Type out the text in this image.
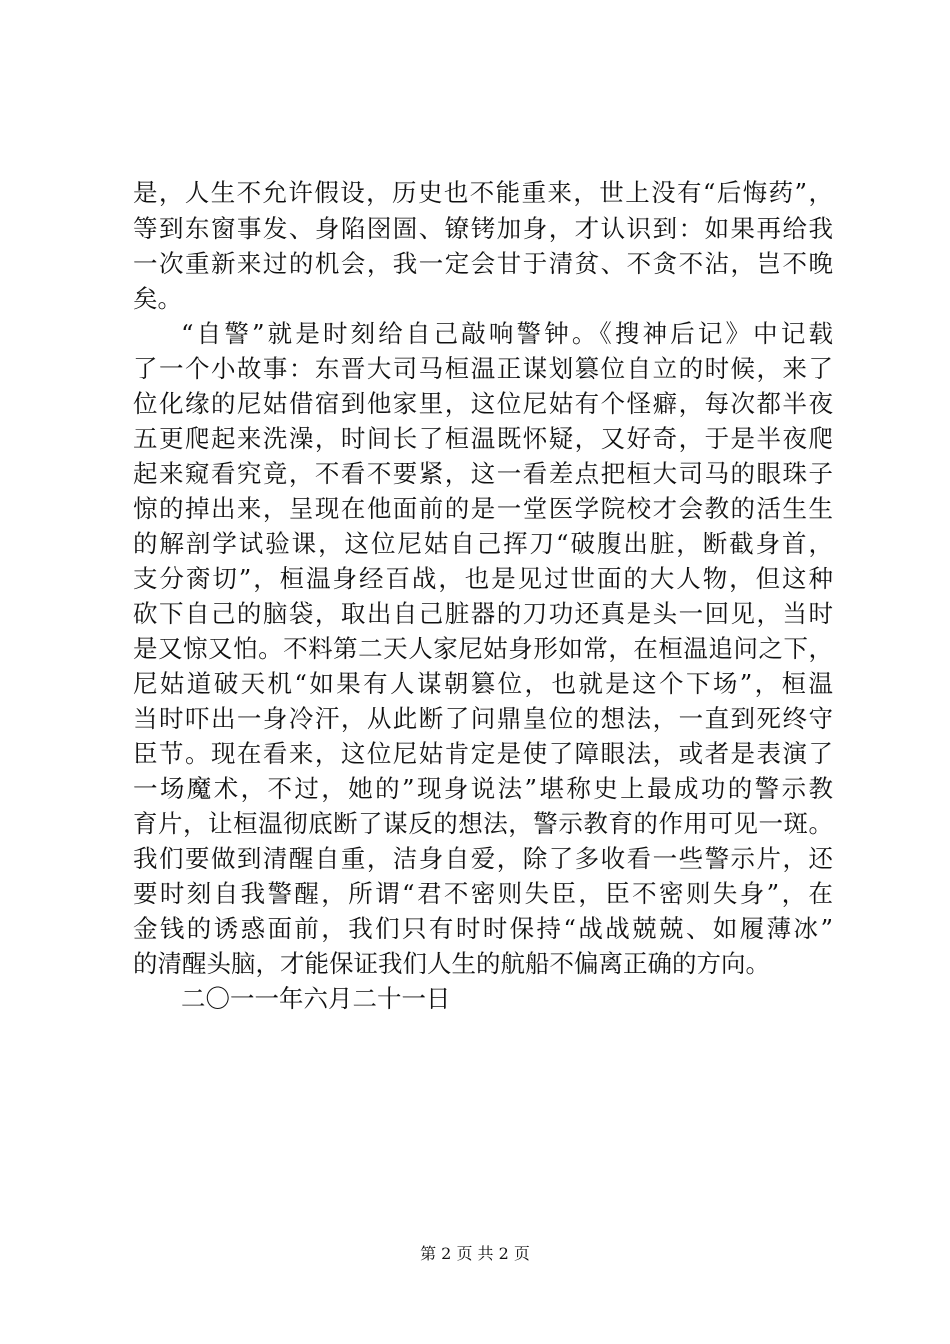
是，人生不允许假设，历史也不能重来，世上没有“后悔药”，
等到东窗事发、身陷囹圄、镣铐加身，才认识到：如果再给我
一次重新来过的机会，我一定会甘于清贫、不贪不沾，岂不晚
矣。
“自警”就是时刻给自己敲响警钟。《搜神后记》中记载
了一个小故事：东晋大司马桓温正谋划篡位自立的时候，来了
位化缘的尼姑借宿到他家里，这位尼姑有个怪癖，每次都半夜
五更爬起来洗澡，时间长了桓温既怀疑，又好奇，于是半夜爬
起来窥看究竟，不看不要紧，这一看差点把桓大司马的眼珠子
惊的掉出来，呈现在他面前的是一堂医学院校才会教的活生生
的解剖学试验课，这位尼姑自己挥刀“破腹出脏，断截身首，
支分脔切”，桓温身经百战，也是见过世面的大人物，但这种
砍下自己的脑袋，取出自己脏器的刀功还真是头一回见，当时
是又惊又怕。不料第二天人家尼姑身形如常，在桓温追问之下，
尼姑道破天机“如果有人谋朝篡位，也就是这个下场”，桓温
当时吓出一身冷汗，从此断了问鼎皇位的想法，一直到死终守
臣节。现在看来，这位尼姑肯定是使了障眼法，或者是表演了
一场魔术，不过，她的”现身说法”堪称史上最成功的警示教
育片，让桓温彻底断了谋反的想法，警示教育的作用可见一斑。
我们要做到清醒自重，洁身自爱，除了多收看一些警示片，还
要时刻自我警醒，所谓“君不密则失臣，臣不密则失身”，在
金钱的诱惑面前，我们只有时时保持“战战兢兢、如履薄冰”
的清醒头脑，才能保证我们人生的航船不偏离正确的方向。
二〇一一年六月二十一日
第 2 页 共 2 页
